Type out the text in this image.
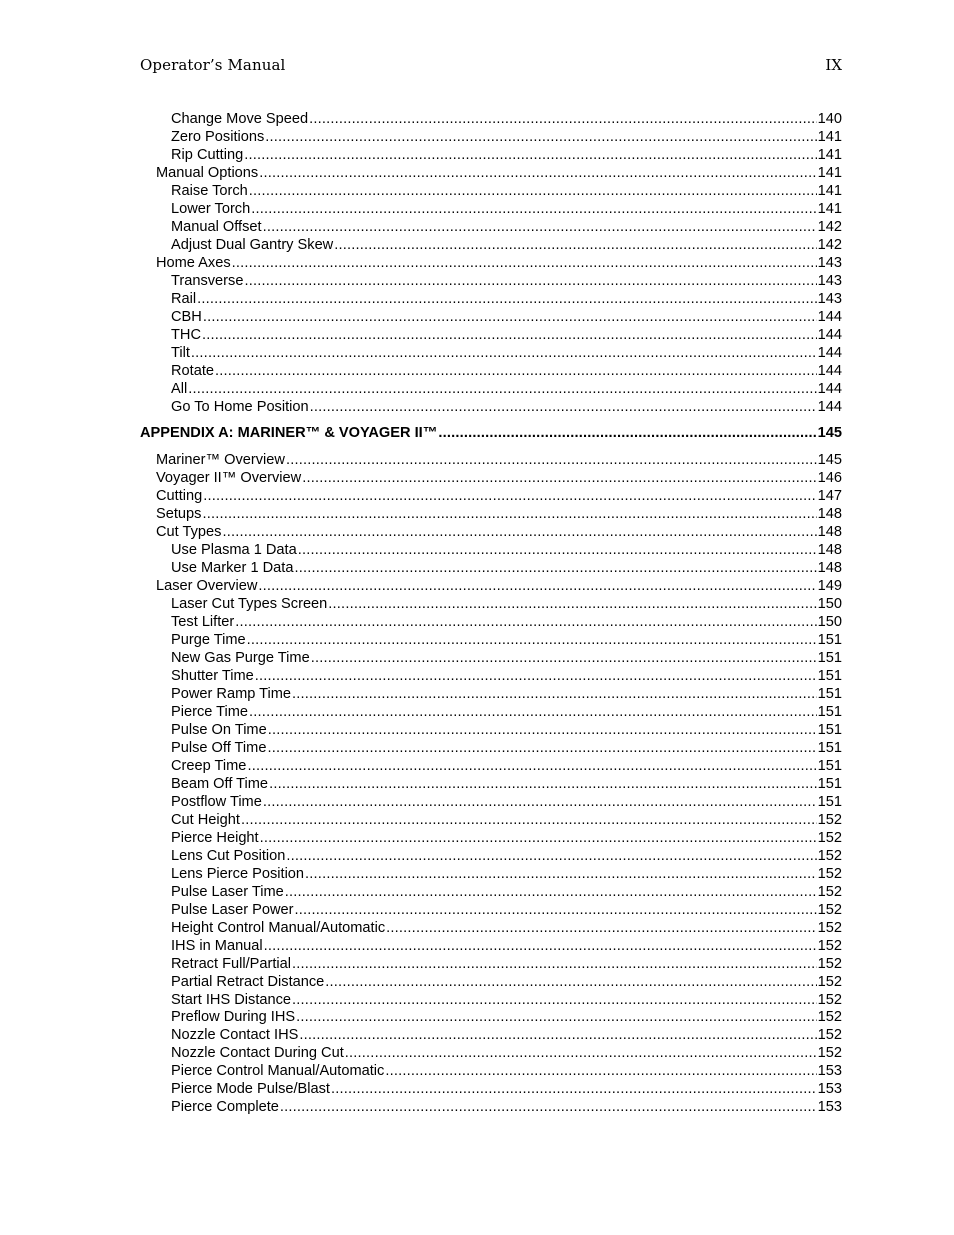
Operator’s Manual	IX
Change Move Speed .....	140
Zero Positions .....	141
Rip Cutting .....	141
Manual Options .....	141
Raise Torch .....	141
Lower Torch .....	141
Manual Offset .....	142
Adjust Dual Gantry Skew .....	142
Home Axes .....	143
Transverse .....	143
Rail .....	143
CBH .....	144
THC .....	144
Tilt .....	144
Rotate .....	144
All .....	144
Go To Home Position .....	144
APPENDIX A: MARINER™ & VOYAGER II™ .....	145
Mariner™ Overview .....	145
Voyager II™ Overview .....	146
Cutting .....	147
Setups .....	148
Cut Types .....	148
Use Plasma 1 Data .....	148
Use Marker 1 Data .....	148
Laser Overview .....	149
Laser Cut Types Screen .....	150
Test Lifter .....	150
Purge Time .....	151
New Gas Purge Time .....	151
Shutter Time .....	151
Power Ramp Time .....	151
Pierce Time .....	151
Pulse On Time .....	151
Pulse Off Time .....	151
Creep Time .....	151
Beam Off Time .....	151
Postflow Time .....	151
Cut Height .....	152
Pierce Height .....	152
Lens Cut Position .....	152
Lens Pierce Position .....	152
Pulse Laser Time .....	152
Pulse Laser Power .....	152
Height Control Manual/Automatic .....	152
IHS in Manual .....	152
Retract Full/Partial .....	152
Partial Retract Distance .....	152
Start IHS Distance .....	152
Preflow During IHS .....	152
Nozzle Contact IHS .....	152
Nozzle Contact During Cut .....	152
Pierce Control Manual/Automatic .....	153
Pierce Mode Pulse/Blast .....	153
Pierce Complete .....	153
